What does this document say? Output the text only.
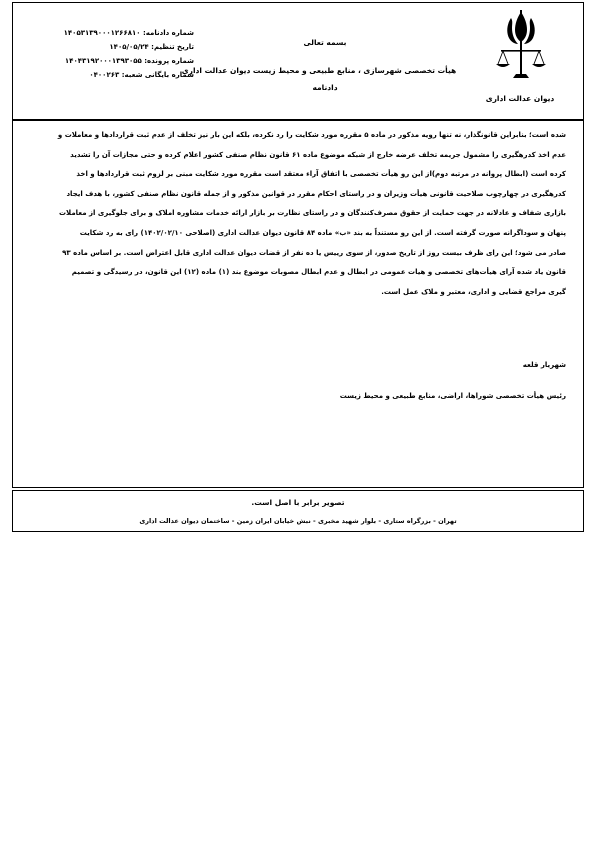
دیوان عدالت اداری
بسمه تعالی
هیأت تخصصی شهرسازی ، منابع طبیعی و محیط زیست دیوان عدالت اداری
دادنامه
شماره دادنامه: ۱۴۰۵۳۱۳۹۰۰۰۱۲۶۶۸۱۰
تاریخ تنظیم: ۱۴۰۵/۰۵/۲۴
شماره پرونده: ۱۴۰۴۳۱۹۲۰۰۰۱۳۹۳۰۵۵
شماره بایگانی شعبه: ۰۴۰۰۲۶۳
شده است؛ بنابراین قانونگذار، نه تنها رویه مذکور در ماده ۵ مقرره مورد شکایت را رد نکرده، بلکه این بار نیز تخلف از عدم ثبت قراردادها و معاملات و
عدم اخذ کدرهگیری را مشمول جریمه تخلف عرضه خارج از شبکه موضوع ماده ۶۱ قانون نظام صنفی کشور اعلام کرده و حتی مجازات آن را تشدید
کرده است (ابطال پروانه در مرتبه دوم)از این رو هیأت تخصصی با اتفاق آراء معتقد است مقرره مورد شکایت مبنی بر لزوم ثبت قراردادها و اخذ
کدرهگیری در چهارچوب صلاحیت قانونی هیأت وزیران و در راستای احکام مقرر در قوانین مذکور و از جمله قانون نظام صنفی کشور، با هدف ایجاد
بازاری شفاف و عادلانه در جهت حمایت از حقوق مصرف‌کنندگان و در راستای نظارت بر بازار ارائه خدمات مشاوره املاک و برای جلوگیری از معاملات
پنهان و سوداگرانه صورت گرفته است. از این رو مستنداً به بند «ب» ماده ۸۴ قانون دیوان عدالت اداری (اصلاحی ۱۴۰۲/۰۲/۱۰) رای به رد شکایت
صادر می شود؛ این رای ظرف بیست روز از تاریخ صدور، از سوی رییس یا ده نفر از قضات دیوان عدالت اداری قابل اعتراض است. بر اساس ماده ۹۳
قانون یاد شده آرای هیأت‌های تخصصی و هیات عمومی در ابطال و عدم ابطال مصوبات موضوع بند (۱) ماده (۱۲) این قانون، در رسیدگی و تصمیم
گیری مراجع قضایی و اداری، معتبر و ملاک عمل است.
شهریار قلعه
رئیس هیأت تخصصی شوراها، اراضی، منابع طبیعی و محیط زیست
تصویر برابر با اصل است.
تهران - بزرگراه ستاری - بلوار شهید مخبری - نبش خیابان ایران زمین - ساختمان دیوان عدالت اداری
